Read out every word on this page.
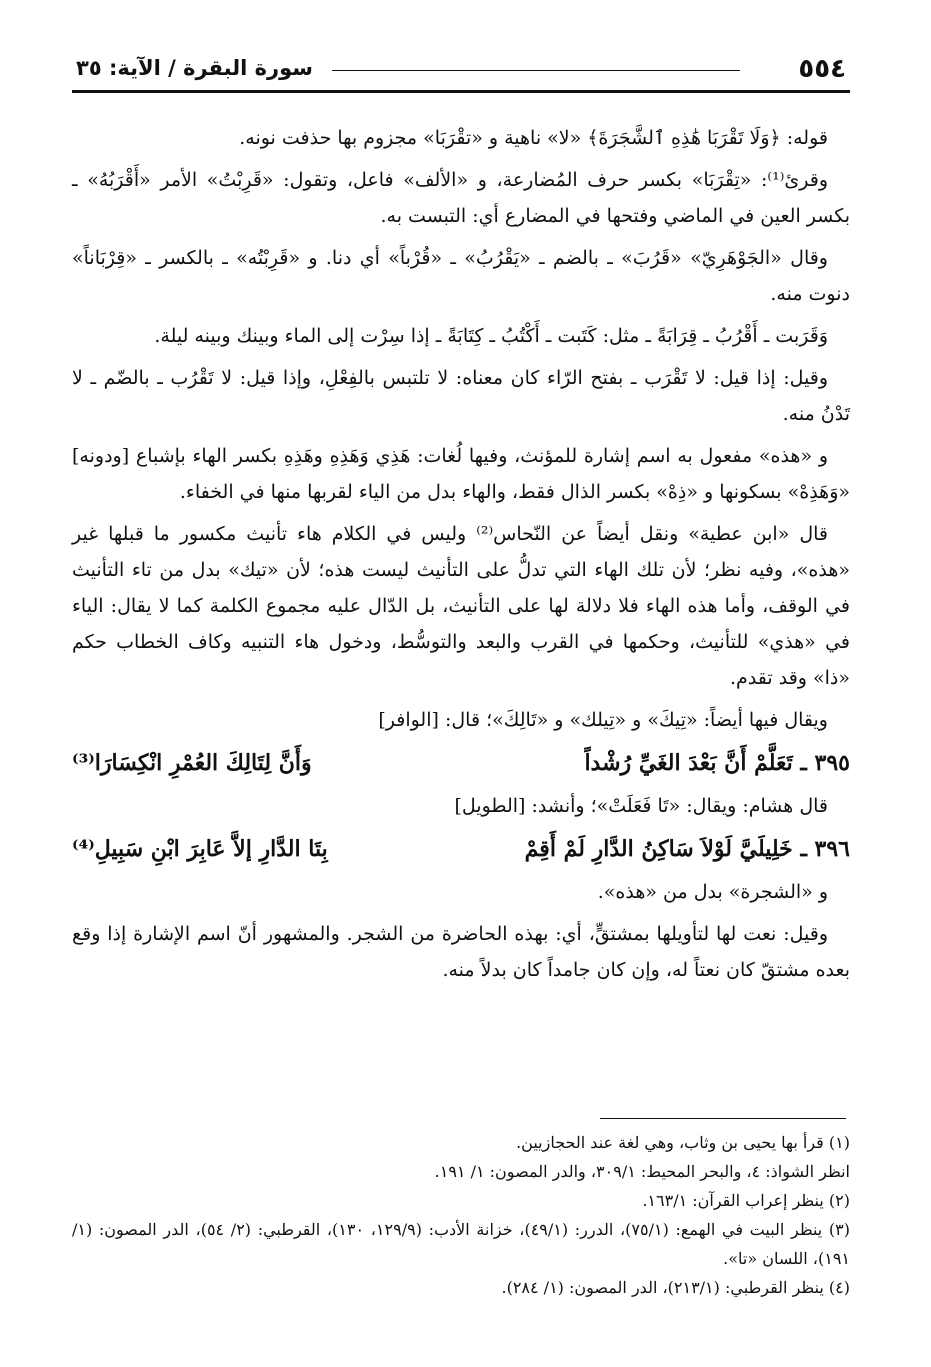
٥٥٤
سورة البقرة / الآية: ٣٥

قوله: ﴿وَلَا تَقْرَبَا هَٰذِهِ ٱلشَّجَرَةَ﴾ «لا» ناهية و «تقْرَبَا» مجزوم بها حذفت نونه.

وقرئ⁽¹⁾: «تِقْرَبَا» بكسر حرف المُضارعة، و «الألف» فاعل، وتقول: «قَرِبْتُ» الأمر «أَقْرَبُهُ» ـ بكسر العين في الماضي وفتحها في المضارع أي: التبست به.

وقال «الجَوْهَرِيّ» «قَرُبَ» ـ بالضم ـ «يَقْرُبُ» ـ «قُرْباً» أي دنا. و «قَرِبْتُه» ـ بالكسر ـ «قِرْبَاناً» دنوت منه.

وَقَرَبت ـ أَقْرُبُ ـ قِرَابَةً ـ مثل: كَتَبت ـ أَكْتُبُ ـ كِتَابَةً ـ إذا سِرْت إلى الماء وبينك وبينه ليلة.

وقيل: إذا قيل: لا تَقْرَب ـ بفتح الرّاء كان معناه: لا تلتبس بالفِعْلِ، وإذا قيل: لا تَقْرُب ـ بالضّم ـ لا تَدْنُ منه.

و «هذه» مفعول به اسم إشارة للمؤنث، وفيها لُغات: هَذِي وَهَذِهِ وهَذِهِ بكسر الهاء بإشباع [ودونه] «وَهَذِهْ» بسكونها و «ذِهْ» بكسر الذال فقط، والهاء بدل من الياء لقربها منها في الخفاء.

قال «ابن عطية» ونقل أيضاً عن النّحاس⁽²⁾ وليس في الكلام هاء تأنيث مكسور ما قبلها غير «هذه»، وفيه نظر؛ لأن تلك الهاء التي تدلُّ على التأنيث ليست هذه؛ لأن «تيك» بدل من تاء التأنيث في الوقف، وأما هذه الهاء فلا دلالة لها على التأنيث، بل الدّال عليه مجموع الكلمة كما لا يقال: الياء في «هذي» للتأنيث، وحكمها في القرب والبعد والتوسُّط، ودخول هاء التنبيه وكاف الخطاب حكم «ذا» وقد تقدم.

ويقال فيها أيضاً: «تِيكَ» و «تِيلك» و «تَالِكَ»؛ قال: [الوافر]

٣٩٥ ـ تَعَلَّمْ أَنَّ بَعْدَ الغَيِّ رُشْداً
وَأَنَّ لِتَالِكَ العُمْرِ انْكِسَارَا⁽³⁾

قال هشام: ويقال: «تَا فَعَلَتْ»؛ وأنشد: [الطويل]

٣٩٦ ـ خَلِيلَيَّ لَوْلاَ سَاكِنُ الدَّارِ لَمْ أَقِمْ
بِتَا الدَّارِ إلاَّ عَابِرَ ابْنِ سَبِيلِ⁽⁴⁾

و «الشجرة» بدل من «هذه».

وقيل: نعت لها لتأويلها بمشتقٍّ، أي: بهذه الحاضرة من الشجر. والمشهور أنّ اسم الإشارة إذا وقع بعده مشتقّ كان نعتاً له، وإن كان جامداً كان بدلاً منه.

(١) قرأ بها يحيى بن وثاب، وهي لغة عند الحجازيين.

انظر الشواذ: ٤، والبحر المحيط: ٣٠٩/١، والدر المصون: ١/ ١٩١.

(٢) ينظر إعراب القرآن: ١٦٣/١.

(٣) ينظر البيت في الهمع: (٧٥/١)، الدرر: (٤٩/١)، خزانة الأدب: (١٢٩/٩، ١٣٠)، القرطبي: (٢/ ٥٤)، الدر المصون: (١/ ١٩١)، اللسان «تا».

(٤) ينظر القرطبي: (٢١٣/١)، الدر المصون: (١/ ٢٨٤).
